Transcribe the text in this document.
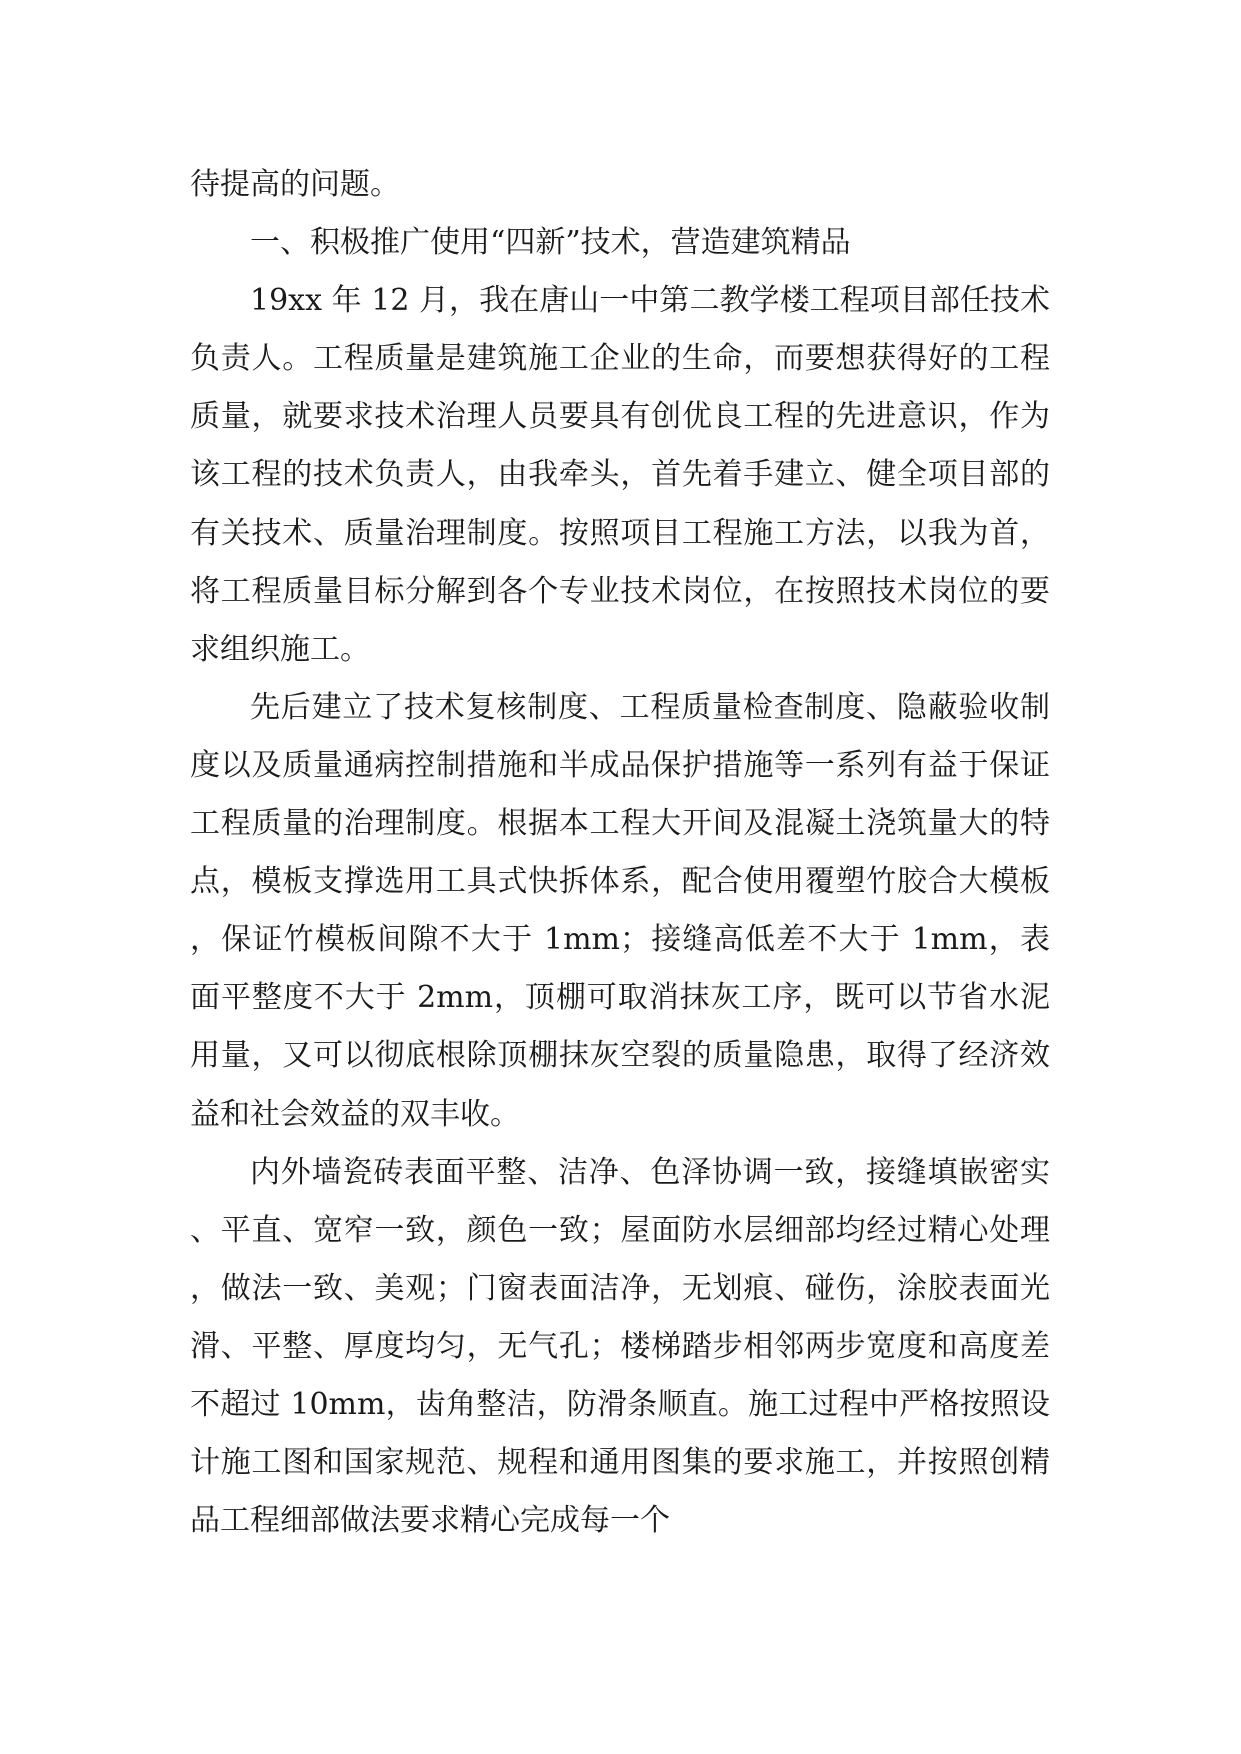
待提高的问题。

一、积极推广使用“四新”技术，营造建筑精品

19xx 年 12 月，我在唐山一中第二教学楼工程项目部任技术负责人。工程质量是建筑施工企业的生命，而要想获得好的工程质量，就要求技术治理人员要具有创优良工程的先进意识，作为该工程的技术负责人，由我牵头，首先着手建立、健全项目部的有关技术、质量治理制度。按照项目工程施工方法，以我为首，将工程质量目标分解到各个专业技术岗位，在按照技术岗位的要求组织施工。

先后建立了技术复核制度、工程质量检查制度、隐蔽验收制度以及质量通病控制措施和半成品保护措施等一系列有益于保证工程质量的治理制度。根据本工程大开间及混凝土浇筑量大的特点，模板支撑选用工具式快拆体系，配合使用覆塑竹胶合大模板，保证竹模板间隙不大于 1mm；接缝高低差不大于 1mm，表面平整度不大于 2mm，顶棚可取消抹灰工序，既可以节省水泥用量，又可以彻底根除顶棚抹灰空裂的质量隐患，取得了经济效益和社会效益的双丰收。

内外墙瓷砖表面平整、洁净、色泽协调一致，接缝填嵌密实、平直、宽窄一致，颜色一致；屋面防水层细部均经过精心处理，做法一致、美观；门窗表面洁净，无划痕、碰伤，涂胶表面光滑、平整、厚度均匀，无气孔；楼梯踏步相邻两步宽度和高度差不超过 10mm，齿角整洁，防滑条顺直。施工过程中严格按照设计施工图和国家规范、规程和通用图集的要求施工，并按照创精品工程细部做法要求精心完成每一个
